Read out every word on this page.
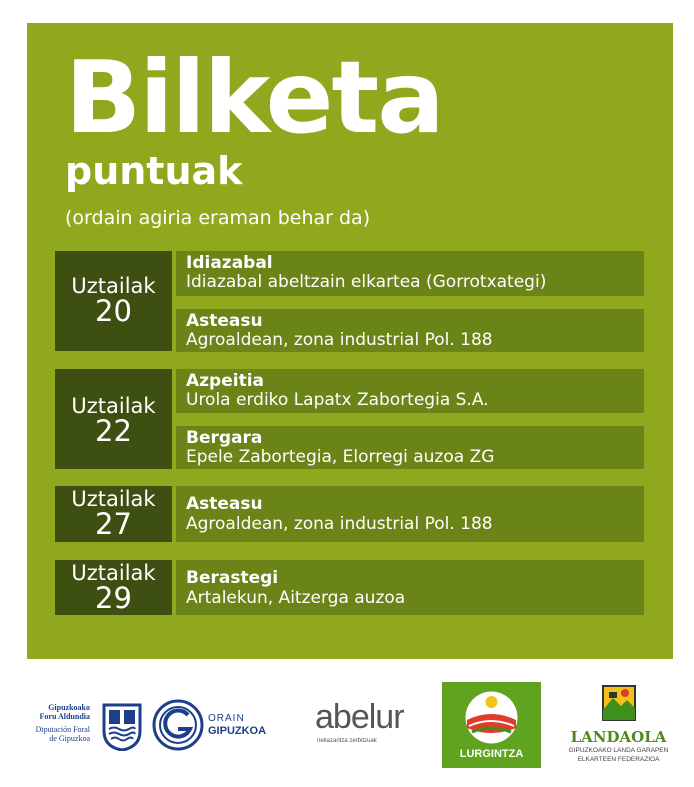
Bilketa
puntuak
(ordain agiria eraman behar da)
Uztailak
20
Idiazabal
Idiazabal abeltzain elkartea (Gorrotxategi)
Asteasu
Agroaldean, zona industrial Pol. 188
Uztailak
22
Azpeitia
Urola erdiko Lapatx Zabortegia S.A.
Bergara
Epele Zabortegia, Elorregi auzoa ZG
Uztailak
27
Asteasu
Agroaldean, zona industrial Pol. 188
Uztailak
29
Berastegi
Artalekun, Aitzerga auzoa
Gipuzkoako
Foru Aldundia
Diputación Foral
de Gipuzkoa
ORAIN
GIPUZKOA abelur
nekazaritza zerbitzuak
LURGINTZA
LANDAOLA
GIPUZKOAKO LANDA GARAPEN
ELKARTEEN FEDERAZIOA
